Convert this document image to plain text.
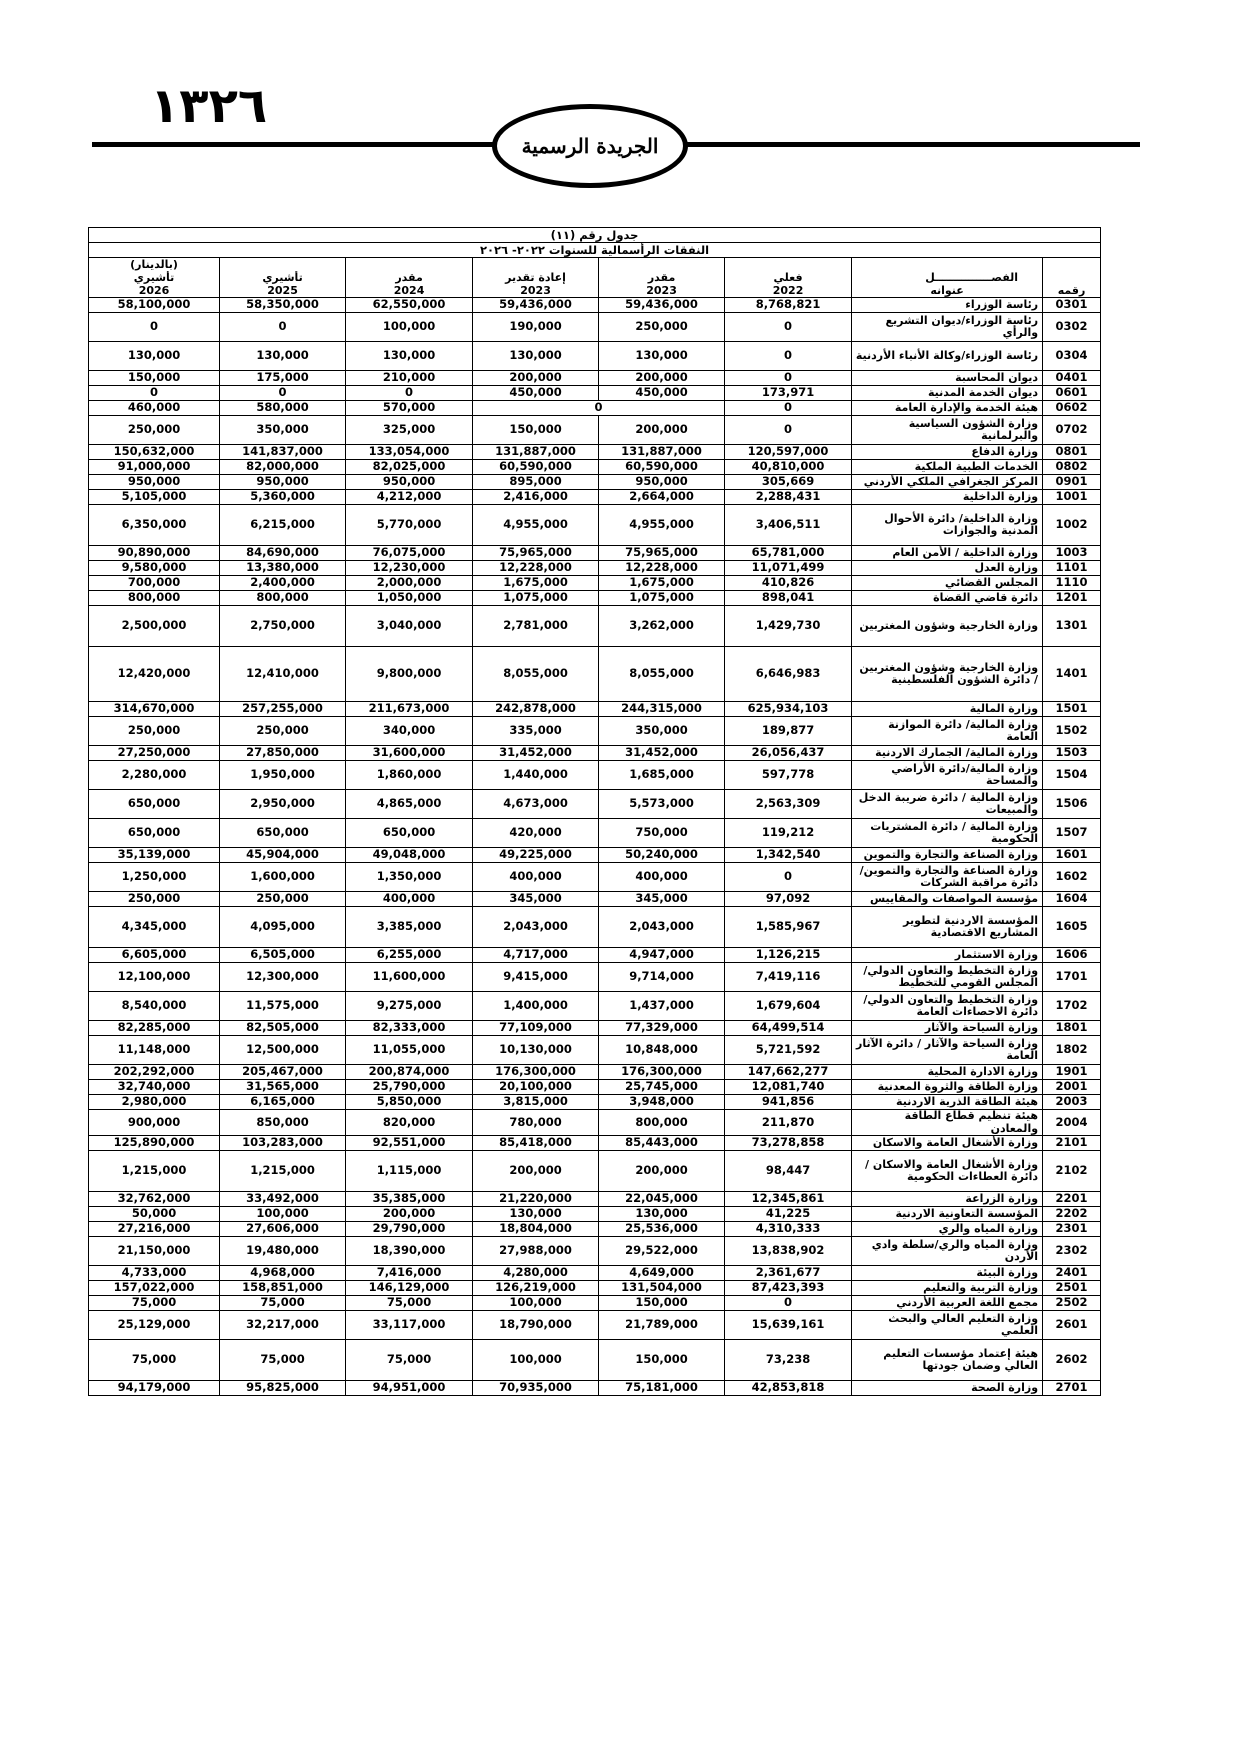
١٣٢٦
الجريدة الرسمية
جدول رقم (١١)							
النفقات الرأسمالية للسنوات ٢٠٢٢- ٢٠٢٦							
							(بالدينار)
	الفصـــــــــــــــل	فعلي	مقدر	إعادة تقدير	مقدر	تأشيري	تأشيري
رقمه	عنوانه	2022	2023	2023	2024	2025	2026
0301	رئاسة الوزراء	8,768,821	59,436,000	59,436,000	62,550,000	58,350,000	58,100,000
0302	رئاسة الوزراء/ديوان التشريع والرأي	0	250,000	190,000	100,000	0	0
0304	رئاسة الوزراء/وكالة الأنباء الأردنية	0	130,000	130,000	130,000	130,000	130,000
0401	ديوان المحاسبة	0	200,000	200,000	210,000	175,000	150,000
0601	ديوان الخدمة المدنية	173,971	450,000	450,000	0	0	0
0602	هيئة الخدمة والإدارة العامة	0	0		570,000	580,000	460,000
0702	وزارة الشؤون السياسية والبرلمانية	0	200,000	150,000	325,000	350,000	250,000
0801	وزارة الدفاع	120,597,000	131,887,000	131,887,000	133,054,000	141,837,000	150,632,000
0802	الخدمات الطبية الملكية	40,810,000	60,590,000	60,590,000	82,025,000	82,000,000	91,000,000
0901	المركز الجغرافي الملكي الأردني	305,669	950,000	895,000	950,000	950,000	950,000
1001	وزارة الداخلية	2,288,431	2,664,000	2,416,000	4,212,000	5,360,000	5,105,000
1002	وزارة الداخلية/ دائرة الأحوال المدنية والجوازات	3,406,511	4,955,000	4,955,000	5,770,000	6,215,000	6,350,000
1003	وزارة الداخلية / الأمن العام	65,781,000	75,965,000	75,965,000	76,075,000	84,690,000	90,890,000
1101	وزارة العدل	11,071,499	12,228,000	12,228,000	12,230,000	13,380,000	9,580,000
1110	المجلس القضائي	410,826	1,675,000	1,675,000	2,000,000	2,400,000	700,000
1201	دائرة قاضي القضاة	898,041	1,075,000	1,075,000	1,050,000	800,000	800,000
1301	وزارة الخارجية وشؤون المغتربين	1,429,730	3,262,000	2,781,000	3,040,000	2,750,000	2,500,000
1401	وزارة الخارجية وشؤون المغتربين / دائرة الشؤون الفلسطينية	6,646,983	8,055,000	8,055,000	9,800,000	12,410,000	12,420,000
1501	وزارة المالية	625,934,103	244,315,000	242,878,000	211,673,000	257,255,000	314,670,000
1502	وزارة المالية/ دائرة الموازنة العامة	189,877	350,000	335,000	340,000	250,000	250,000
1503	وزارة المالية/ الجمارك الاردنية	26,056,437	31,452,000	31,452,000	31,600,000	27,850,000	27,250,000
1504	وزارة المالية/دائرة الأراضي والمساحة	597,778	1,685,000	1,440,000	1,860,000	1,950,000	2,280,000
1506	وزارة المالية / دائرة ضريبة الدخل والمبيعات	2,563,309	5,573,000	4,673,000	4,865,000	2,950,000	650,000
1507	وزارة المالية / دائرة المشتريات الحكومية	119,212	750,000	420,000	650,000	650,000	650,000
1601	وزارة الصناعة والتجارة والتموين	1,342,540	50,240,000	49,225,000	49,048,000	45,904,000	35,139,000
1602	وزارة الصناعة والتجارة والتموين/دائرة مراقبة الشركات	0	400,000	400,000	1,350,000	1,600,000	1,250,000
1604	مؤسسة المواصفات والمقاييس	97,092	345,000	345,000	400,000	250,000	250,000
1605	المؤسسة الاردنية لتطوير المشاريع الاقتصادية	1,585,967	2,043,000	2,043,000	3,385,000	4,095,000	4,345,000
1606	وزارة الاستثمار	1,126,215	4,947,000	4,717,000	6,255,000	6,505,000	6,605,000
1701	وزارة التخطيط والتعاون الدولي/ المجلس القومي للتخطيط	7,419,116	9,714,000	9,415,000	11,600,000	12,300,000	12,100,000
1702	وزارة التخطيط والتعاون الدولي/ دائرة الاحصاءات العامة	1,679,604	1,437,000	1,400,000	9,275,000	11,575,000	8,540,000
1801	وزارة السياحة والآثار	64,499,514	77,329,000	77,109,000	82,333,000	82,505,000	82,285,000
1802	وزارة السياحة والآثار / دائرة الآثار العامة	5,721,592	10,848,000	10,130,000	11,055,000	12,500,000	11,148,000
1901	وزارة الادارة المحلية	147,662,277	176,300,000	176,300,000	200,874,000	205,467,000	202,292,000
2001	وزارة الطاقة والثروة المعدنية	12,081,740	25,745,000	20,100,000	25,790,000	31,565,000	32,740,000
2003	هيئة الطاقة الذرية الاردنية	941,856	3,948,000	3,815,000	5,850,000	6,165,000	2,980,000
2004	هيئة تنظيم قطاع الطاقة والمعادن	211,870	800,000	780,000	820,000	850,000	900,000
2101	وزارة الأشغال العامة والاسكان	73,278,858	85,443,000	85,418,000	92,551,000	103,283,000	125,890,000
2102	وزارة الأشغال العامة والاسكان / دائرة العطاءات الحكومية	98,447	200,000	200,000	1,115,000	1,215,000	1,215,000
2201	وزارة الزراعة	12,345,861	22,045,000	21,220,000	35,385,000	33,492,000	32,762,000
2202	المؤسسة التعاونية الاردنية	41,225	130,000	130,000	200,000	100,000	50,000
2301	وزارة المياه والري	4,310,333	25,536,000	18,804,000	29,790,000	27,606,000	27,216,000
2302	وزارة المياه والري/سلطة وادي الأردن	13,838,902	29,522,000	27,988,000	18,390,000	19,480,000	21,150,000
2401	وزارة البيئة	2,361,677	4,649,000	4,280,000	7,416,000	4,968,000	4,733,000
2501	وزارة التربية والتعليم	87,423,393	131,504,000	126,219,000	146,129,000	158,851,000	157,022,000
2502	مجمع اللغة العربية الأردني	0	150,000	100,000	75,000	75,000	75,000
2601	وزارة التعليم العالي والبحث العلمي	15,639,161	21,789,000	18,790,000	33,117,000	32,217,000	25,129,000
2602	هيئة إعتماد مؤسسات التعليم العالي وضمان جودتها	73,238	150,000	100,000	75,000	75,000	75,000
2701	وزارة الصحة	42,853,818	75,181,000	70,935,000	94,951,000	95,825,000	94,179,000
